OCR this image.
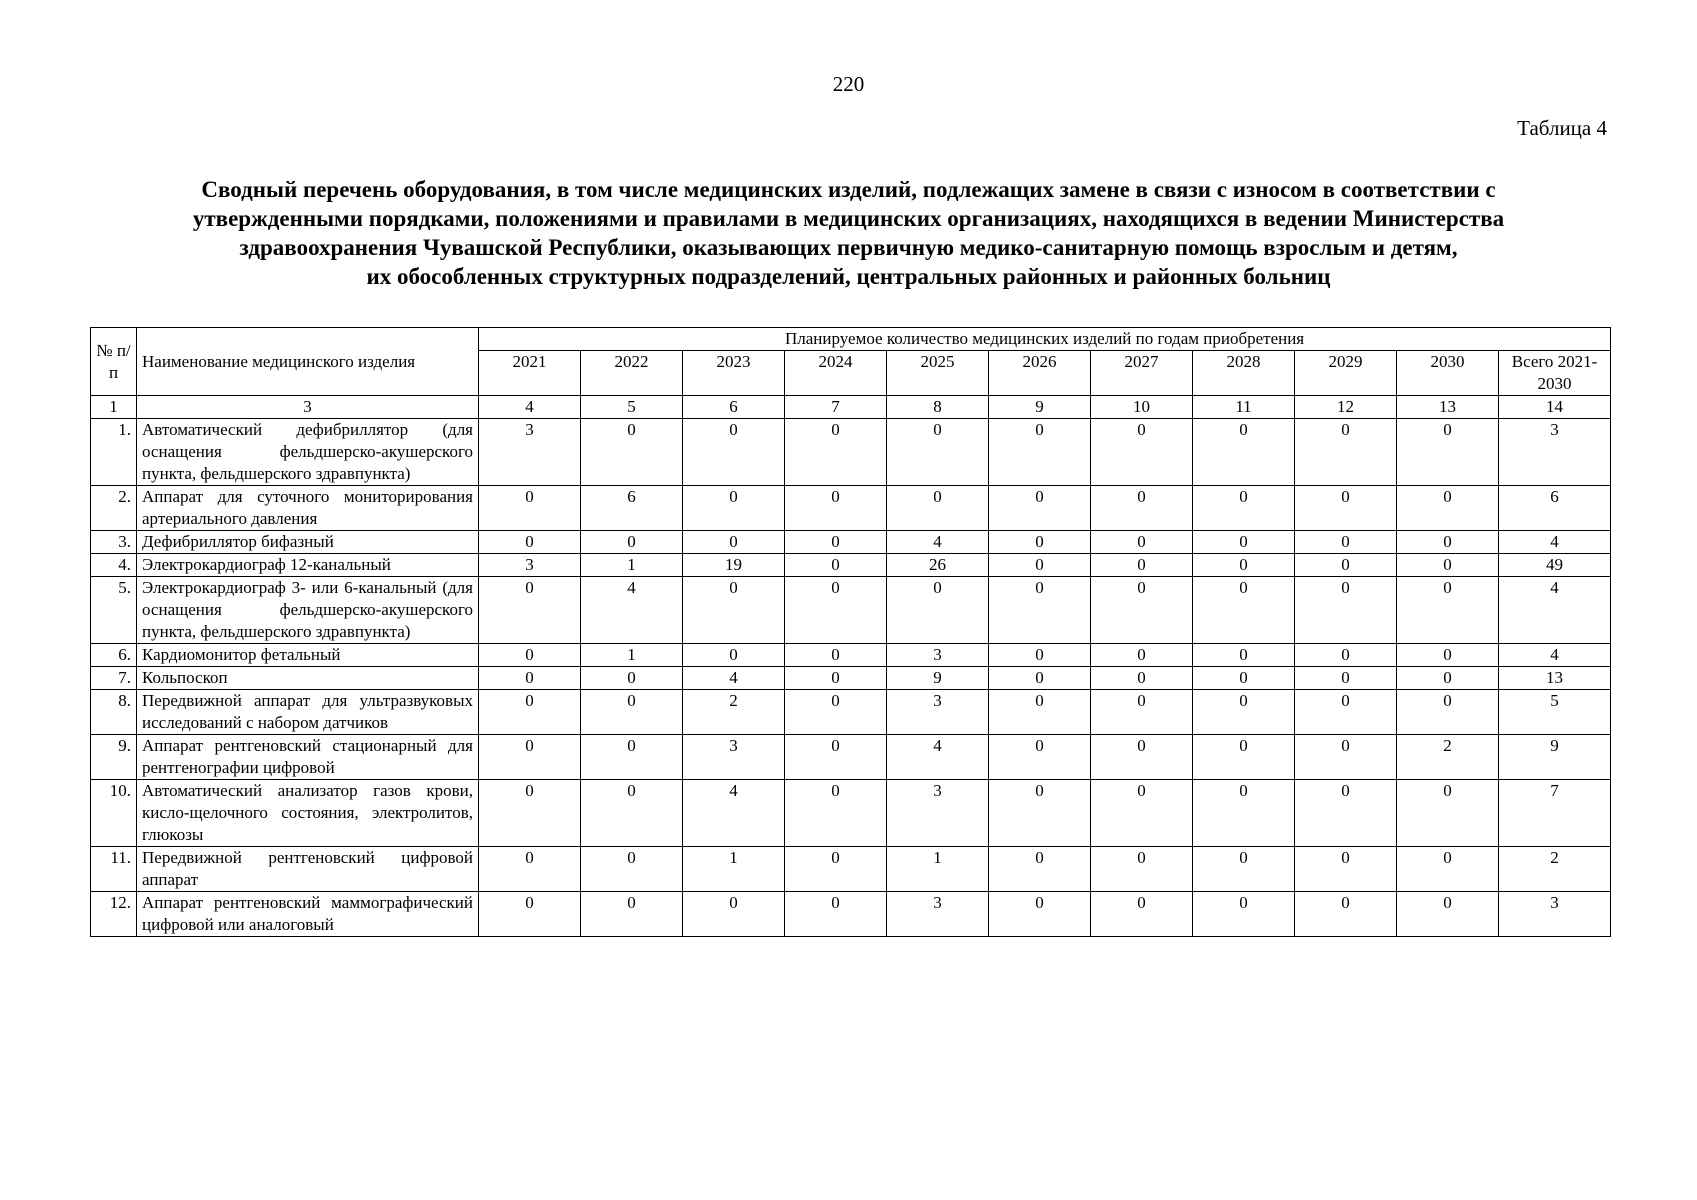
220
Таблица 4
Сводный перечень оборудования, в том числе медицинских изделий, подлежащих замене в связи с износом в соответствии с
утвержденными порядками, положениями и правилами в медицинских организациях, находящихся в ведении Министерства
здравоохранения Чувашской Республики, оказывающих первичную медико-санитарную помощь взрослым и детям,
их обособленных структурных подразделений, центральных районных и районных больниц
№ п/п	Наименование медицинского изделия	Планируемое количество медицинских изделий по годам приобретения										
		2021	2022	2023	2024	2025	2026	2027	2028	2029	2030	Всего 2021-2030
1	3	4	5	6	7	8	9	10	11	12	13	14
1.	Автоматический дефибриллятор (для оснащения фельдшерско-акушерского пункта, фельдшерского здравпункта)	3	0	0	0	0	0	0	0	0	0	3
2.	Аппарат для суточного мониторирования артериального давления	0	6	0	0	0	0	0	0	0	0	6
3.	Дефибриллятор бифазный	0	0	0	0	4	0	0	0	0	0	4
4.	Электрокардиограф 12-канальный	3	1	19	0	26	0	0	0	0	0	49
5.	Электрокардиограф 3- или 6-канальный (для оснащения фельдшерско-акушерского пункта, фельдшерского здравпункта)	0	4	0	0	0	0	0	0	0	0	4
6.	Кардиомонитор фетальный	0	1	0	0	3	0	0	0	0	0	4
7.	Кольпоскоп	0	0	4	0	9	0	0	0	0	0	13
8.	Передвижной аппарат для ультразвуковых исследований с набором датчиков	0	0	2	0	3	0	0	0	0	0	5
9.	Аппарат рентгеновский стационарный для рентгенографии цифровой	0	0	3	0	4	0	0	0	0	2	9
10.	Автоматический анализатор газов крови, кисло-щелочного состояния, электролитов, глюкозы	0	0	4	0	3	0	0	0	0	0	7
11.	Передвижной рентгеновский цифровой аппарат	0	0	1	0	1	0	0	0	0	0	2
12.	Аппарат рентгеновский маммографический цифровой или аналоговый	0	0	0	0	3	0	0	0	0	0	3
